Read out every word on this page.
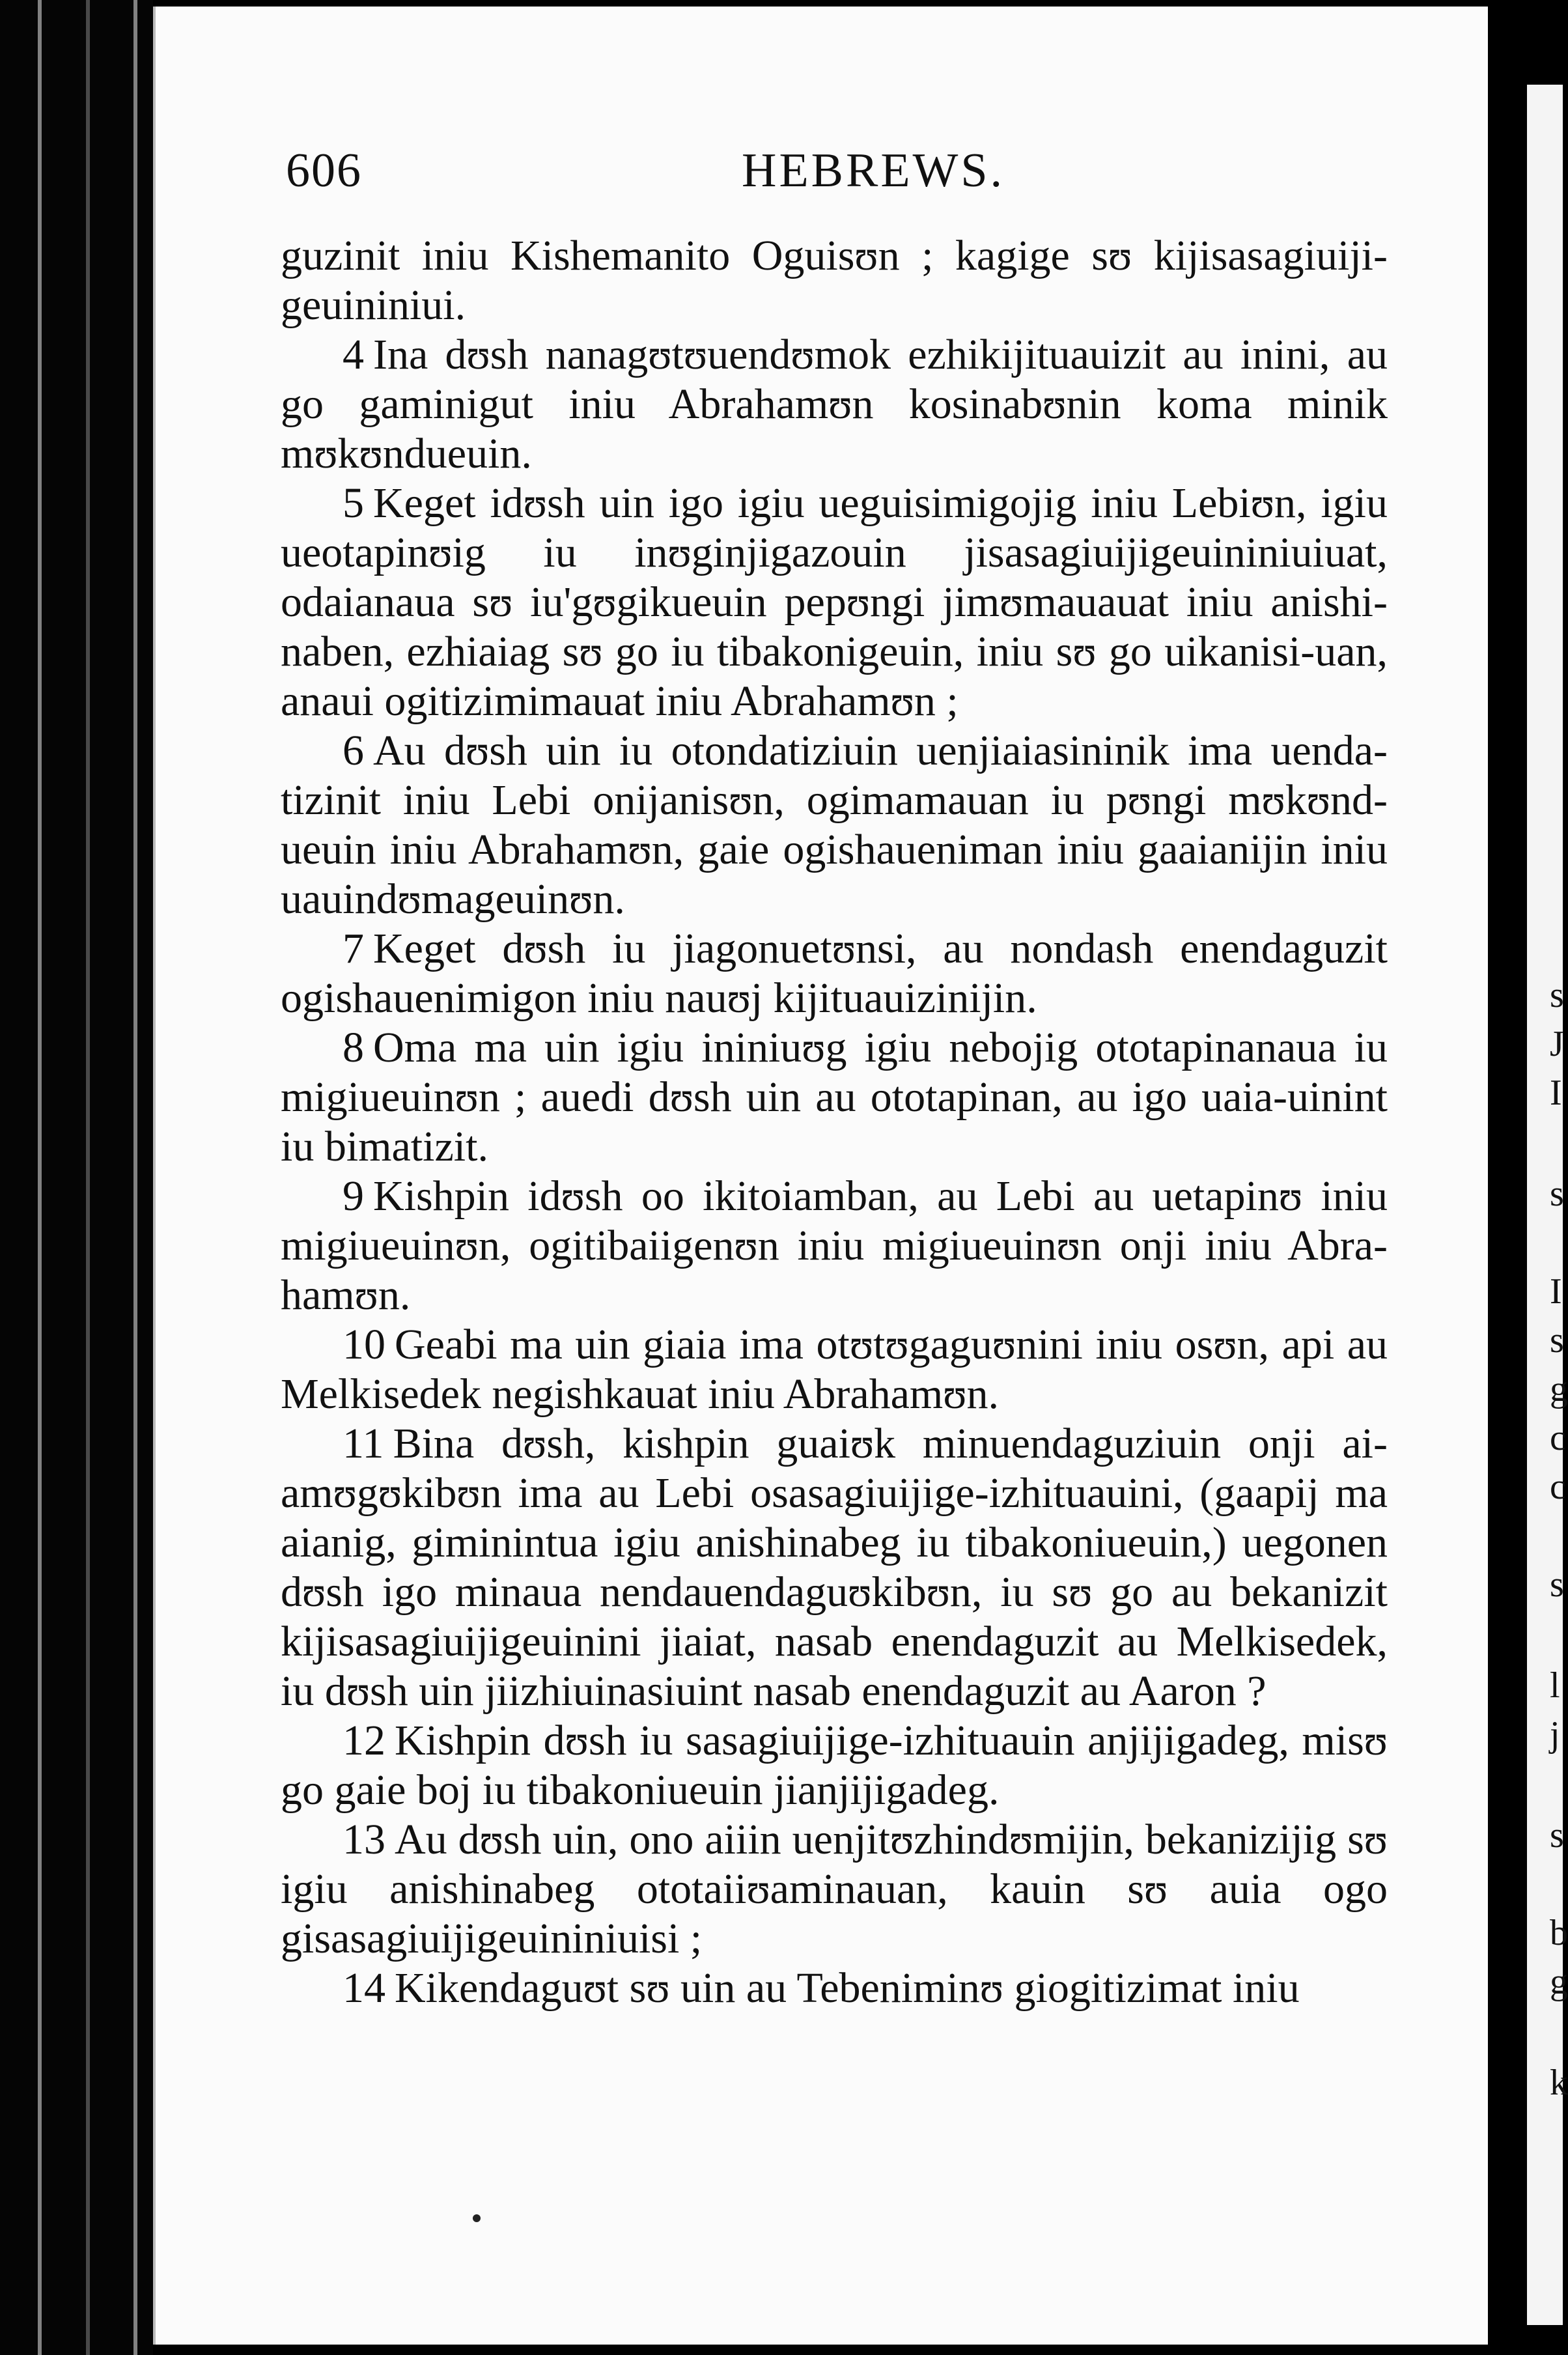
606	HEBREWS.

guzinit iniu Kishemanito Oguisʊn ; kagige sʊ kijisasagiuiji-geuininiui.

4 Ina dʊsh nanagʊtʊuendʊmok ezhikijituauizit au inini, au go gaminigut iniu Abrahamʊn kosinabʊnin koma minik mʊkʊndueuin.

5 Keget idʊsh uin igo igiu ueguisimigojig iniu Lebiʊn, igiu ueotapinʊig iu inʊginjigazouin jisasagiuijigeuininiuiuat, odaianaua sʊ iu'gʊgikueuin pepʊngi jimʊmauauat iniu anishi-naben, ezhiaiag sʊ go iu tibakonigeuin, iniu sʊ go uikanisi-uan, anaui ogitizimimauat iniu Abrahamʊn ;

6 Au dʊsh uin iu otondatiziuin uenjiaiasininik ima uenda-tizinit iniu Lebi onijanisʊn, ogimamauan iu pʊngi mʊkʊnd-ueuin iniu Abrahamʊn, gaie ogishaueniman iniu gaaianijin iniu uauindʊmageuinʊn.

7 Keget dʊsh iu jiagonuetʊnsi, au nondash enendaguzit ogishauenimigon iniu nauʊj kijituauizinijin.

8 Oma ma uin igiu ininiuʊg igiu nebojig ototapinanaua iu migiueuinʊn ; auedi dʊsh uin au ototapinan, au igo uaia-uinint iu bimatizit.

9 Kishpin idʊsh oo ikitoiamban, au Lebi au uetapinʊ iniu migiueuinʊn, ogitibaiigenʊn iniu migiueuinʊn onji iniu Abra-hamʊn.

10 Geabi ma uin giaia ima otʊtʊgaguʊnini iniu osʊn, api au Melkisedek negishkauat iniu Abrahamʊn.

11 Bina dʊsh, kishpin guaiʊk minuendaguziuin onji ai-amʊgʊkibʊn ima au Lebi osasagiuijige-izhituauini, (gaapij ma aianig, giminintua igiu anishinabeg iu tibakoniueuin,) uegonen dʊsh igo minaua nendauendaguʊkibʊn, iu sʊ go au bekanizit kijisasagiuijigeuinini jiaiat, nasab enendaguzit au Melkisedek, iu dʊsh uin jiizhiuinasiuint nasab enendaguzit au Aaron ?

12 Kishpin dʊsh iu sasagiuijige-izhituauin anjijigadeg, misʊ go gaie boj iu tibakoniueuin jianjijigadeg.

13 Au dʊsh uin, ono aiiin uenjitʊzhindʊmijin, bekanizijig sʊ igiu anishinabeg ototaiiʊaminauan, kauin sʊ auia ogo gisasagiuijigeuininiuisi ;

14 Kikendaguʊt sʊ uin au Tebeniminʊ giogitizimat iniu

s
J
I
s
I
s
g
c
c
s
l
j
s
b
g
k
